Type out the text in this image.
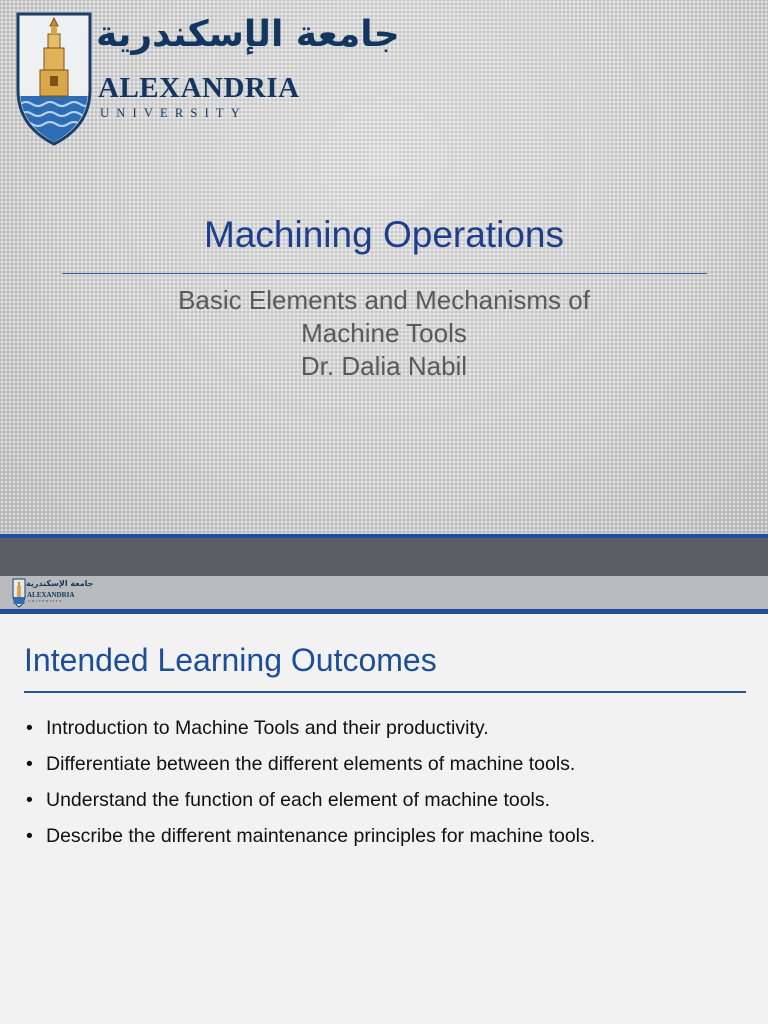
جامعة الإسكندرية
ALEXANDRIA
UNIVERSITY
Machining Operations
Basic Elements and Mechanisms of
Machine Tools
Dr. Dalia Nabil
جامعة الإسكندرية
ALEXANDRIA
UNIVERSITY
Intended Learning Outcomes
• Introduction to Machine Tools and their productivity.
• Differentiate between the different elements of machine tools.
• Understand the function of each element of machine tools.
• Describe the different maintenance principles for machine tools.
